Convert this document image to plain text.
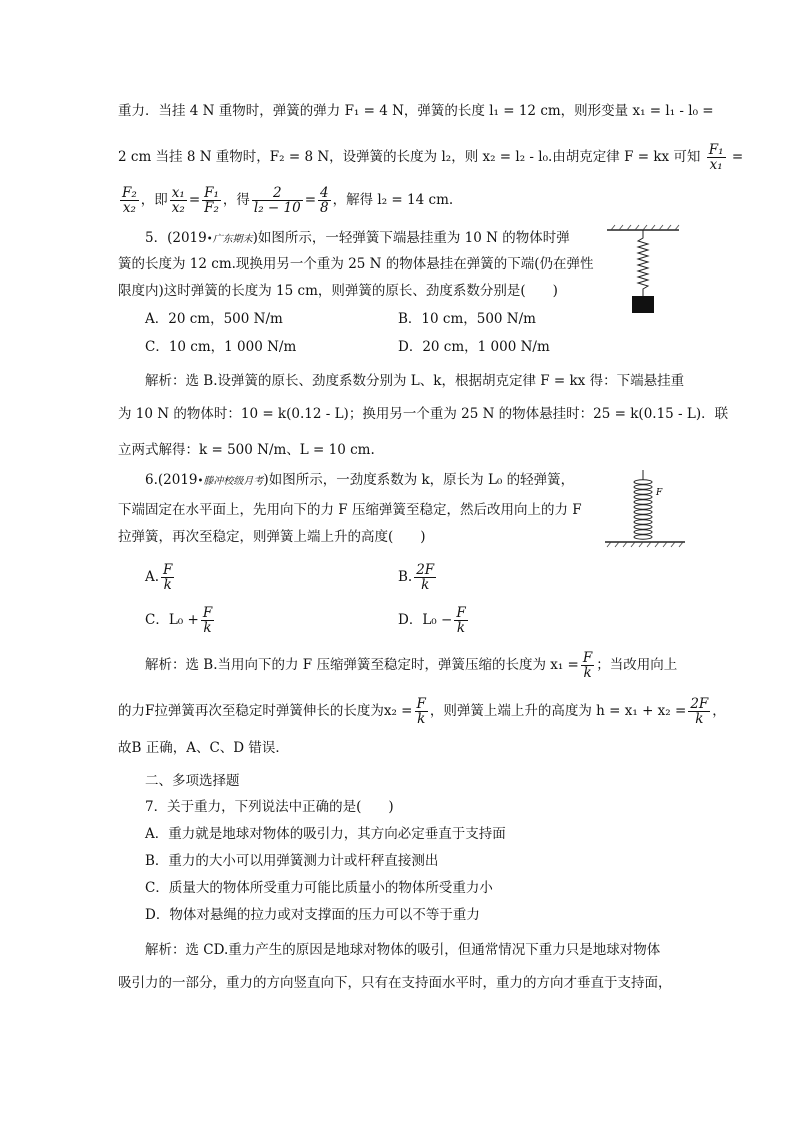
重力．当挂 4 N 重物时，弹簧的弹力 F₁ = 4 N，弹簧的长度 l₁ = 12 cm，则形变量 x₁ = l₁ - l₀ =
2 cm 当挂 8 N 重物时，F₂ = 8 N，设弹簧的长度为 l₂，则 x₂ = l₂ - l₀.由胡克定律 F = kx 可知 $\frac{\text{F₁}}{\text{x₁}}$ =
$\frac{\text{F₂}}{\text{x₂}}$ ，即 $\frac{\text{x₁}}{\text{x₂}} = \frac{\text{F₁}}{\text{F₂}}$ ，得 $\frac{2}{\text{l₂ − 10}} = \frac{4}{8}$ ，解得 l₂ = 14 cm.
5．(2019•广东期末)如图所示，一轻弹簧下端悬挂重为 10 N 的物体时弹
簧的长度为 12 cm.现换用另一个重为 25 N 的物体悬挂在弹簧的下端(仍在弹性
限度内)这时弹簧的长度为 15 cm，则弹簧的原长、劲度系数分别是(　　)
A．20 cm，500 N/m	B．10 cm，500 N/m
C．10 cm，1 000 N/m	D．20 cm，1 000 N/m
解析：选 B.设弹簧的原长、劲度系数分别为 L、k，根据胡克定律 F = kx 得：下端悬挂重
为 10 N 的物体时：10 = k(0.12 - L)；换用另一个重为 25 N 的物体悬挂时：25 = k(0.15 - L)．联
立两式解得：k = 500 N/m、L = 10 cm.
6.(2019•滕冲校级月考)如图所示，一劲度系数为 k，原长为 L₀ 的轻弹簧，
下端固定在水平面上，先用向下的力 F 压缩弹簧至稳定，然后改用向上的力 F
拉弹簧，再次至稳定，则弹簧上端上升的高度(　　)
F
A. $\frac{F}{k}$	B. $\frac{2F}{k}$
C．$L_0 + \frac{F}{k}$	D．$L_0 - \frac{F}{k}$
解析：选 B.当用向下的力 F 压缩弹簧至稳定时，弹簧压缩的长度为 $x_1 = \frac{F}{k}$ ；当改用向上
的力F拉弹簧再次至稳定时弹簧伸长的长度为$x_2 = \frac{F}{k}$ ，则弹簧上端上升的高度为 $h = x_1 + x_2 = \frac{2F}{k}$ ，
故B 正确，A、C、D 错误．
二、多项选择题
7．关于重力，下列说法中正确的是(　　)
A．重力就是地球对物体的吸引力，其方向必定垂直于支持面
B．重力的大小可以用弹簧测力计或杆秤直接测出
C．质量大的物体所受重力可能比质量小的物体所受重力小
D．物体对悬绳的拉力或对支撑面的压力可以不等于重力
解析：选 CD.重力产生的原因是地球对物体的吸引，但通常情况下重力只是地球对物体
吸引力的一部分，重力的方向竖直向下，只有在支持面水平时，重力的方向才垂直于支持面，
